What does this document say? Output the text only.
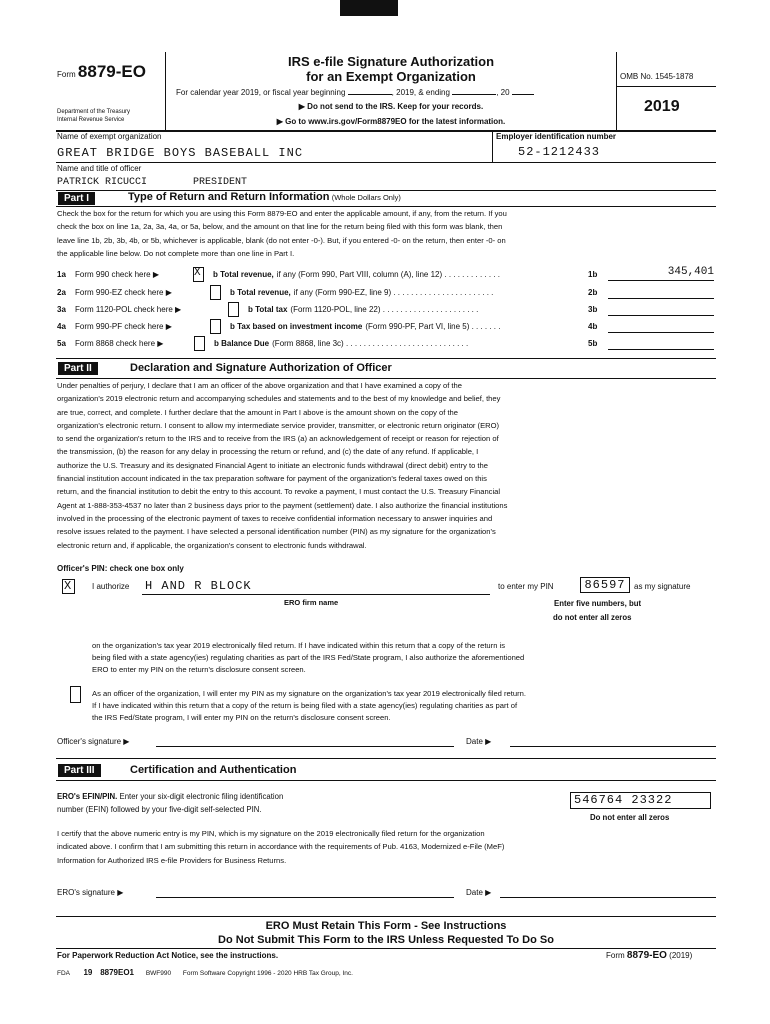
Form 8879-EO
Department of the Treasury
Internal Revenue Service
IRS e-file Signature Authorization
for an Exempt Organization
For calendar year 2019, or fiscal year beginning	, 2019, & ending	, 20
▶ Do not send to the IRS. Keep for your records.
▶ Go to www.irs.gov/Form8879EO for the latest information.
OMB No. 1545-1878
2019
Name of exempt organization
GREAT BRIDGE BOYS BASEBALL INC
Employer identification number
52-1212433
Name and title of officer
PATRICK RICUCCI	PRESIDENT
Part I	Type of Return and Return Information (Whole Dollars Only)
Check the box for the return for which you are using this Form 8879-EO and enter the applicable amount, if any, from the return. If you
check the box on line 1a, 2a, 3a, 4a, or 5a, below, and the amount on that line for the return being filed with this form was blank, then
leave line 1b, 2b, 3b, 4b, or 5b, whichever is applicable, blank (do not enter -0-). But, if you entered -0- on the return, then enter -0- on
the applicable line below. Do not complete more than one line in Part I.
1a Form 990 check here ▶	X b Total revenue, if any (Form 990, Part VIII, column (A), line 12) . . . . . . . . . . . . .	1b	345,401
2a Form 990-EZ check here ▶	b Total revenue, if any (Form 990-EZ, line 9) . . . . . . . . . . . . . . . . . . . . . . .	2b
3a Form 1120-POL check here ▶	b Total tax (Form 1120-POL, line 22) . . . . . . . . . . . . . . . . . . . . . .	3b
4a Form 990-PF check here ▶	b Tax based on investment income (Form 990-PF, Part VI, line 5) . . . . . . .	4b
5a Form 8868 check here ▶	b Balance Due (Form 8868, line 3c) . . . . . . . . . . . . . . . . . . . . . . . . . . . .	5b
Part II	Declaration and Signature Authorization of Officer
Under penalties of perjury, I declare that I am an officer of the above organization and that I have examined a copy of the
organization's 2019 electronic return and accompanying schedules and statements and to the best of my knowledge and belief, they
are true, correct, and complete. I further declare that the amount in Part I above is the amount shown on the copy of the
organization's electronic return. I consent to allow my intermediate service provider, transmitter, or electronic return originator (ERO)
to send the organization's return to the IRS and to receive from the IRS (a) an acknowledgement of receipt or reason for rejection of
the transmission, (b) the reason for any delay in processing the return or refund, and (c) the date of any refund. If applicable, I
authorize the U.S. Treasury and its designated Financial Agent to initiate an electronic funds withdrawal (direct debit) entry to the
financial institution account indicated in the tax preparation software for payment of the organization's federal taxes owed on this
return, and the financial institution to debit the entry to this account. To revoke a payment, I must contact the U.S. Treasury Financial
Agent at 1-888-353-4537 no later than 2 business days prior to the payment (settlement) date. I also authorize the financial institutions
involved in the processing of the electronic payment of taxes to receive confidential information necessary to answer inquiries and
resolve issues related to the payment. I have selected a personal identification number (PIN) as my signature for the organization's
electronic return and, if applicable, the organization's consent to electronic funds withdrawal.
Officer's PIN: check one box only
X	I authorize H AND R BLOCK
ERO firm name
to enter my PIN	86597	as my signature
Enter five numbers, but
do not enter all zeros
on the organization's tax year 2019 electronically filed return. If I have indicated within this return that a copy of the return is
being filed with a state agency(ies) regulating charities as part of the IRS Fed/State program, I also authorize the aforementioned
ERO to enter my PIN on the return's disclosure consent screen.
As an officer of the organization, I will enter my PIN as my signature on the organization's tax year 2019 electronically filed return.
If I have indicated within this return that a copy of the return is being filed with a state agency(ies) regulating charities as part of
the IRS Fed/State program, I will enter my PIN on the return's disclosure consent screen.
Officer's signature ▶	Date ▶
Part III	Certification and Authentication
ERO's EFIN/PIN. Enter your six-digit electronic filing identification
number (EFIN) followed by your five-digit self-selected PIN.
546764 23322
Do not enter all zeros
I certify that the above numeric entry is my PIN, which is my signature on the 2019 electronically filed return for the organization
indicated above. I confirm that I am submitting this return in accordance with the requirements of Pub. 4163, Modernized e-File (MeF)
Information for Authorized IRS e-file Providers for Business Returns.
ERO's signature ▶	Date ▶
ERO Must Retain This Form - See Instructions
Do Not Submit This Form to the IRS Unless Requested To Do So
For Paperwork Reduction Act Notice, see the instructions.	Form 8879-EO (2019)
FDA 19 8879EO1 BWF990 Form Software Copyright 1996 - 2020 HRB Tax Group, Inc.
